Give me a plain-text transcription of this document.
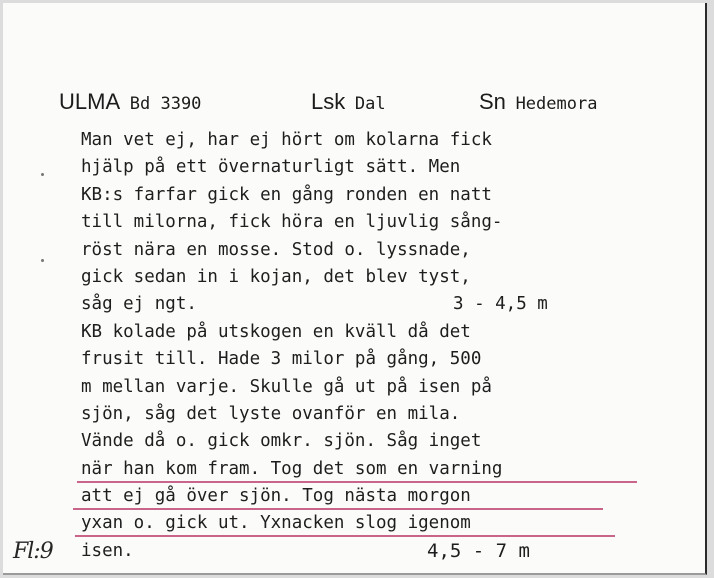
ULMA Bd 3390	Lsk Dal	Sn Hedemora
Man vet ej, har ej hört om kolarna fick
hjälp på ett övernaturligt sätt. Men
KB:s farfar gick en gång ronden en natt
till milorna, fick höra en ljuvlig sång-
röst nära en mosse. Stod o. lyssnade,
gick sedan in i kojan, det blev tyst,
såg ej ngt.	3 - 4,5 m
KB kolade på utskogen en kväll då det
frusit till. Hade 3 milor på gång, 500
m mellan varje. Skulle gå ut på isen på
sjön, såg det lyste ovanför en mila.
Vände då o. gick omkr. sjön. Såg inget
när han kom fram. Tog det som en varning
att ej gå över sjön. Tog nästa morgon
yxan o. gick ut. Yxnacken slog igenom
isen.	4,5 - 7 m
Fl:9
